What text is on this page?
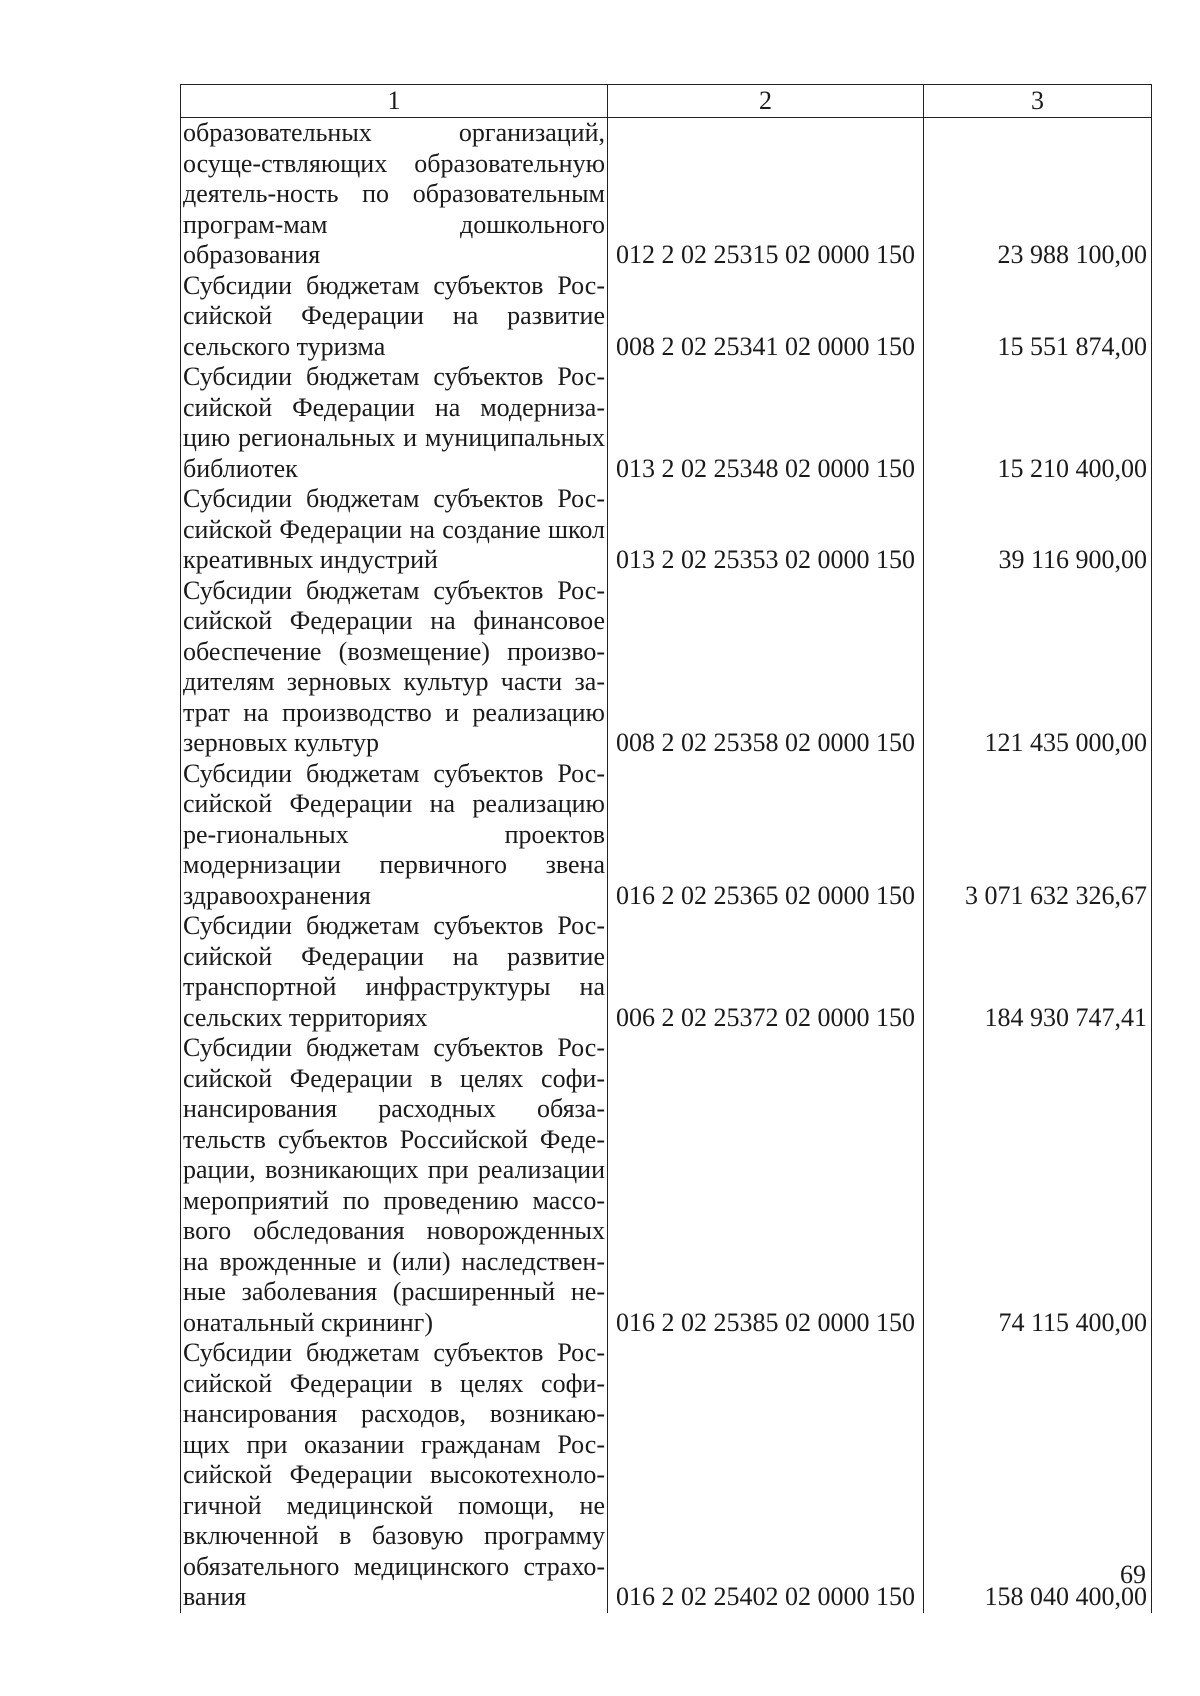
1	2	3
образовательных организаций, осуще-ствляющих образовательную деятель-ность по образовательным програм-мам дошкольного образования	012 2 02 25315 02 0000 150	23 988 100,00
Субсидии бюджетам субъектов Рос-сийской Федерации на развитие сельского туризма	008 2 02 25341 02 0000 150	15 551 874,00
Субсидии бюджетам субъектов Рос-сийской Федерации на модерниза-цию региональных и муниципальных библиотек	013 2 02 25348 02 0000 150	15 210 400,00
Субсидии бюджетам субъектов Рос-сийской Федерации на создание школ креативных индустрий	013 2 02 25353 02 0000 150	39 116 900,00
Субсидии бюджетам субъектов Рос-сийской Федерации на финансовое обеспечение (возмещение) произво-дителям зерновых культур части за-трат на производство и реализацию зерновых культур	008 2 02 25358 02 0000 150	121 435 000,00
Субсидии бюджетам субъектов Рос-сийской Федерации на реализацию ре-гиональных проектов модернизации первичного звена здравоохранения	016 2 02 25365 02 0000 150	3 071 632 326,67
Субсидии бюджетам субъектов Рос-сийской Федерации на развитие транспортной инфраструктуры на сельских территориях	006 2 02 25372 02 0000 150	184 930 747,41
Субсидии бюджетам субъектов Рос-сийской Федерации в целях софи-нансирования расходных обяза-тельств субъектов Российской Феде-рации, возникающих при реализации мероприятий по проведению массо-вого обследования новорожденных на врожденные и (или) наследствен-ные заболевания (расширенный не-онатальный скрининг)	016 2 02 25385 02 0000 150	74 115 400,00
Субсидии бюджетам субъектов Рос-сийской Федерации в целях софи-нансирования расходов, возникаю-щих при оказании гражданам Рос-сийской Федерации высокотехноло-гичной медицинской помощи, не включенной в базовую программу обязательного медицинского страхо-вания	016 2 02 25402 02 0000 150	158 040 400,00
69
